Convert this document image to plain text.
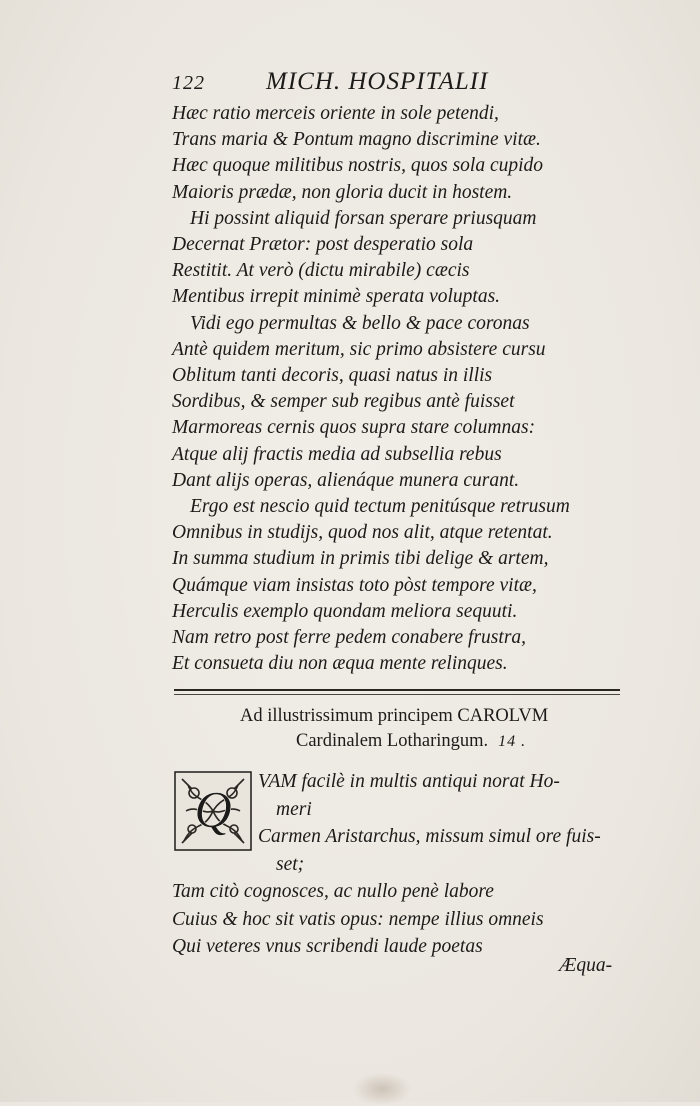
122 MICH. HOSPITALII
Hæc ratio merceis oriente in sole petendi,
Trans maria & Pontum magno discrimine vitæ.
Hæc quoque militibus nostris, quos sola cupido
Maioris prædæ, non gloria ducit in hostem.
Hi possint aliquid forsan sperare priusquam
Decernat Prætor: post desperatio sola
Restitit. At verò (dictu mirabile) cæcis
Mentibus irrepit minimè sperata voluptas.
Vidi ego permultas & bello & pace coronas
Antè quidem meritum, sic primo absistere cursu
Oblitum tanti decoris, quasi natus in illis
Sordibus, & semper sub regibus antè fuisset
Marmoreas cernis quos supra stare columnas:
Atque alij fractis media ad subsellia rebus
Dant alijs operas, alienáque munera curant.
Ergo est nescio quid tectum penitúsque retrusum
Omnibus in studijs, quod nos alit, atque retentat.
In summa studium in primis tibi delige & artem,
Quámque viam insistas toto pòst tempore vitæ,
Herculis exemplo quondam meliora sequuti.
Nam retro post ferre pedem conabere frustra,
Et consueta diu non æqua mente relinques.
Ad illustrissimum principem CAROLVM
Cardinalem Lotharingum. 14 .
Q
VAM facilè in multis antiqui norat Ho-
meri
Carmen Aristarchus, missum simul ore fuis-
set;
Tam citò cognosces, ac nullo penè labore
Cuius & hoc sit vatis opus: nempe illius omneis
Qui veteres vnus scribendi laude poetas
Æqua-
